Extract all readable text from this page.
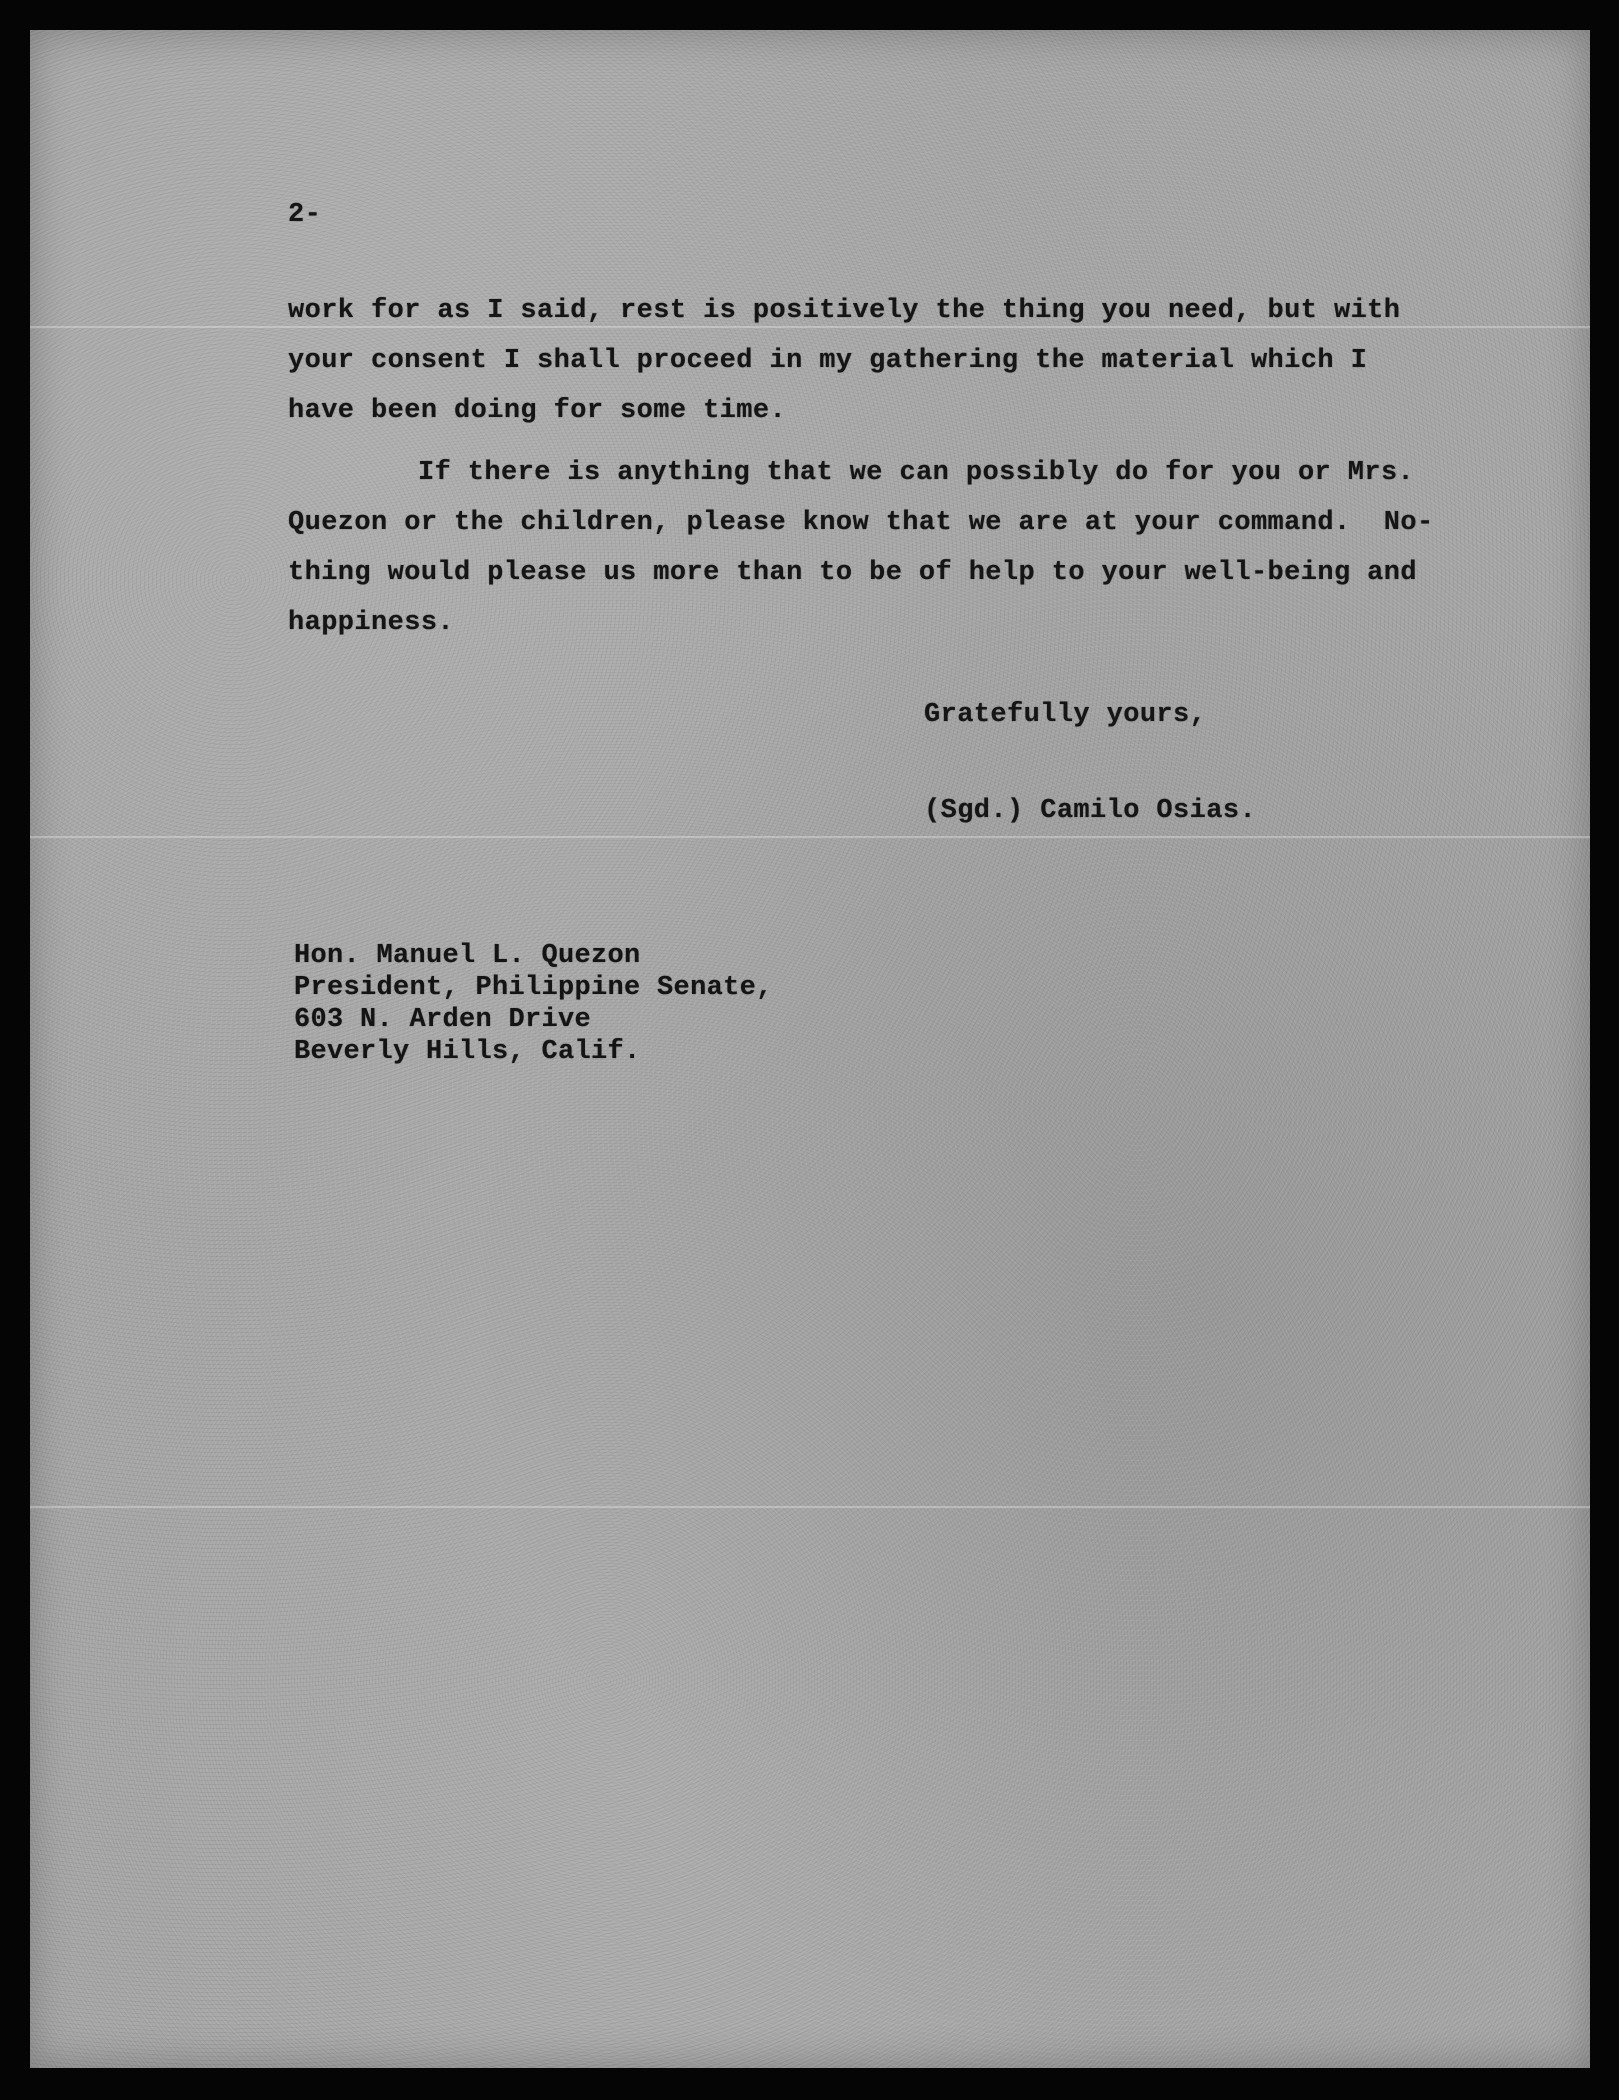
2-
work for as I said, rest is positively the thing you need, but with
your consent I shall proceed in my gathering the material which I
have been doing for some time.
If there is anything that we can possibly do for you or Mrs.
Quezon or the children, please know that we are at your command.  No-
thing would please us more than to be of help to your well-being and
happiness.
Gratefully yours,
(Sgd.) Camilo Osias.
Hon. Manuel L. Quezon
President, Philippine Senate,
603 N. Arden Drive
Beverly Hills, Calif.
